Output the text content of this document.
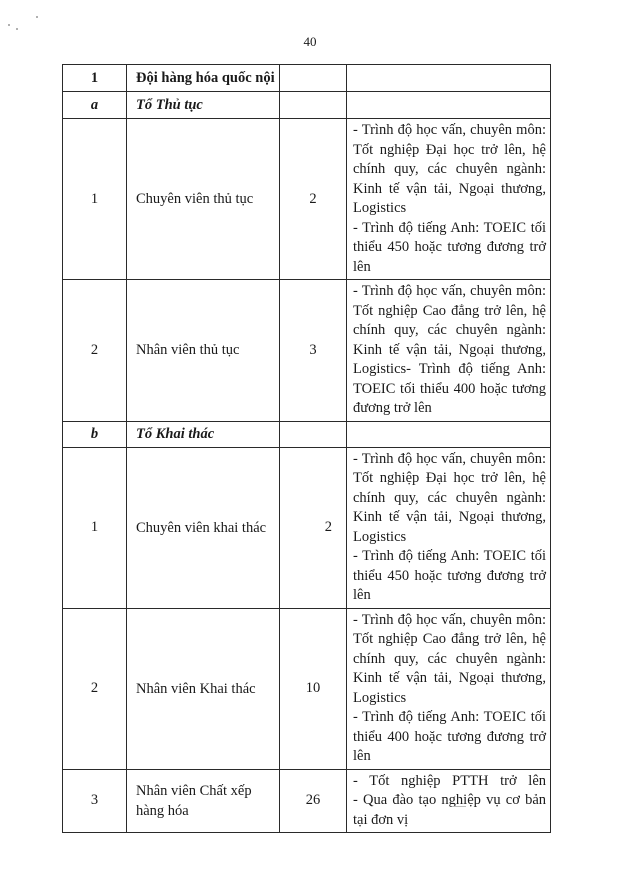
40
1	Đội hàng hóa quốc nội		
a	Tổ Thủ tục		
1	Chuyên viên thủ tục	2	- Trình độ học vấn, chuyên môn: Tốt nghiệp Đại học trở lên, hệ chính quy, các chuyên ngành: Kinh tế vận tải, Ngoại thương, Logistics

- Trình độ tiếng Anh: TOEIC tối thiểu 450 hoặc tương đương trở lên

2	Nhân viên thủ tục	3	- Trình độ học vấn, chuyên môn: Tốt nghiệp Cao đẳng trở lên, hệ chính quy, các chuyên ngành: Kinh tế vận tải, Ngoại thương, Logistics- Trình độ tiếng Anh: TOEIC tối thiểu 400 hoặc tương đương trở lên

b	Tổ Khai thác		
1	Chuyên viên khai thác	2	- Trình độ học vấn, chuyên môn: Tốt nghiệp Đại học trở lên, hệ chính quy, các chuyên ngành: Kinh tế vận tải, Ngoại thương, Logistics

- Trình độ tiếng Anh: TOEIC tối thiểu 450 hoặc tương đương trở lên

2	Nhân viên Khai thác	10	- Trình độ học vấn, chuyên môn: Tốt nghiệp Cao đẳng trở lên, hệ chính quy, các chuyên ngành: Kinh tế vận tải, Ngoại thương, Logistics

- Trình độ tiếng Anh: TOEIC tối thiểu 400 hoặc tương đương trở lên

3	Nhân viên Chất xếp hàng hóa	26	- Tốt nghiệp PTTH trở lên

- Qua đào tạo nghiệp vụ cơ bản tại đơn vị
